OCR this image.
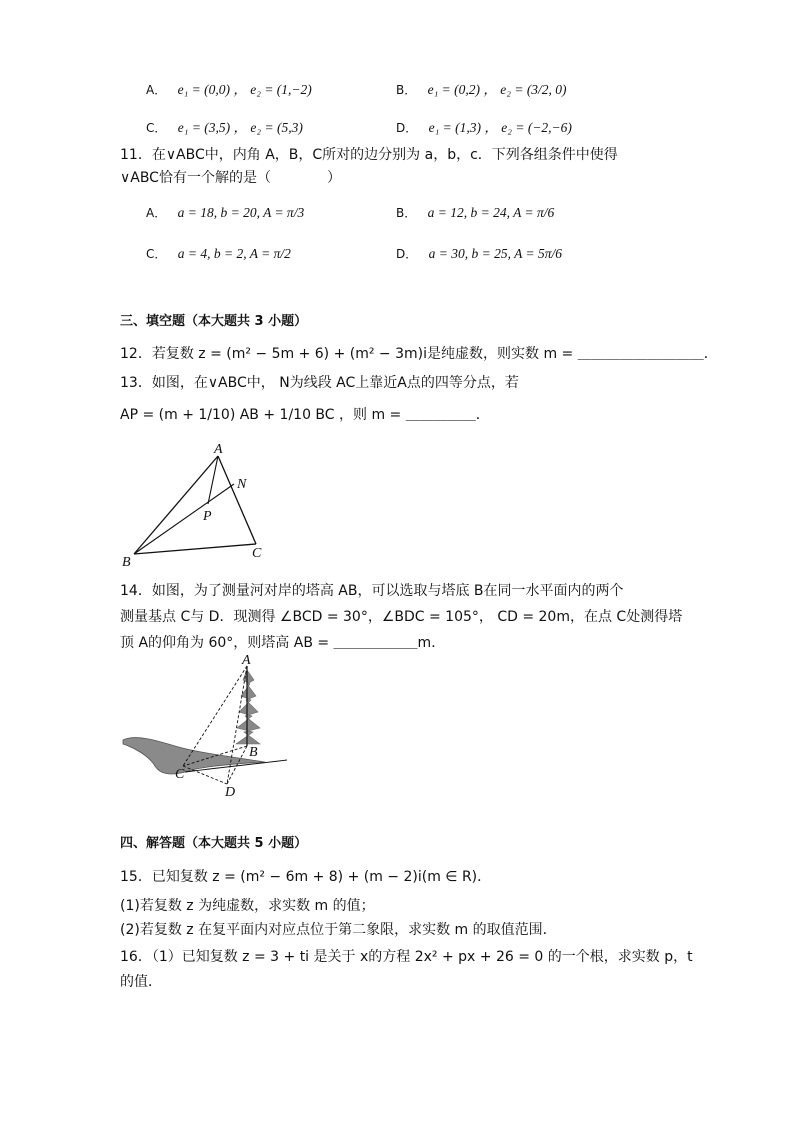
A． e₁ = (0,0) ， e₂ = (1,−2)	B． e₁ = (0,2) ， e₂ = (3/2, 0)
C． e₁ = (3,5) ， e₂ = (5,3)	D． e₁ = (1,3) ， e₂ = (−2,−6)
11．在∨ABC中，内角 A，B，C所对的边分别为 a，b，c．下列各组条件中使得
∨ABC恰有一个解的是（　　　　）
A． a = 18, b = 20, A = π/3	B． a = 12, b = 24, A = π/6
C． a = 4, b = 2, A = π/2	D． a = 30, b = 25, A = 5π/6
三、填空题（本大题共 3 小题）
12．若复数 z = (m² − 5m + 6) + (m² − 3m)i是纯虚数，则实数 m = ＿＿＿＿＿＿＿＿＿．
13．如图，在∨ABC中， N为线段 AC上靠近A点的四等分点，若
AP = (m + 1/10) AB + 1/10 BC ，则 m = ＿＿＿＿＿．
A
B
C
N
P
14．如图，为了测量河对岸的塔高 AB，可以选取与塔底 B在同一水平面内的两个
测量基点 C与 D．现测得 ∠BCD = 30°，∠BDC = 105°， CD = 20m，在点 C处测得塔
顶 A的仰角为 60°，则塔高 AB = ＿＿＿＿＿＿m．
A
B
C
D
四、解答题（本大题共 5 小题）
15．已知复数 z = (m² − 6m + 8) + (m − 2)i(m ∈ R)．
(1)若复数 z 为纯虚数，求实数 m 的值；
(2)若复数 z 在复平面内对应点位于第二象限，求实数 m 的取值范围．
16．（1）已知复数 z = 3 + ti 是关于 x的方程 2x² + px + 26 = 0 的一个根，求实数 p，t
的值．
